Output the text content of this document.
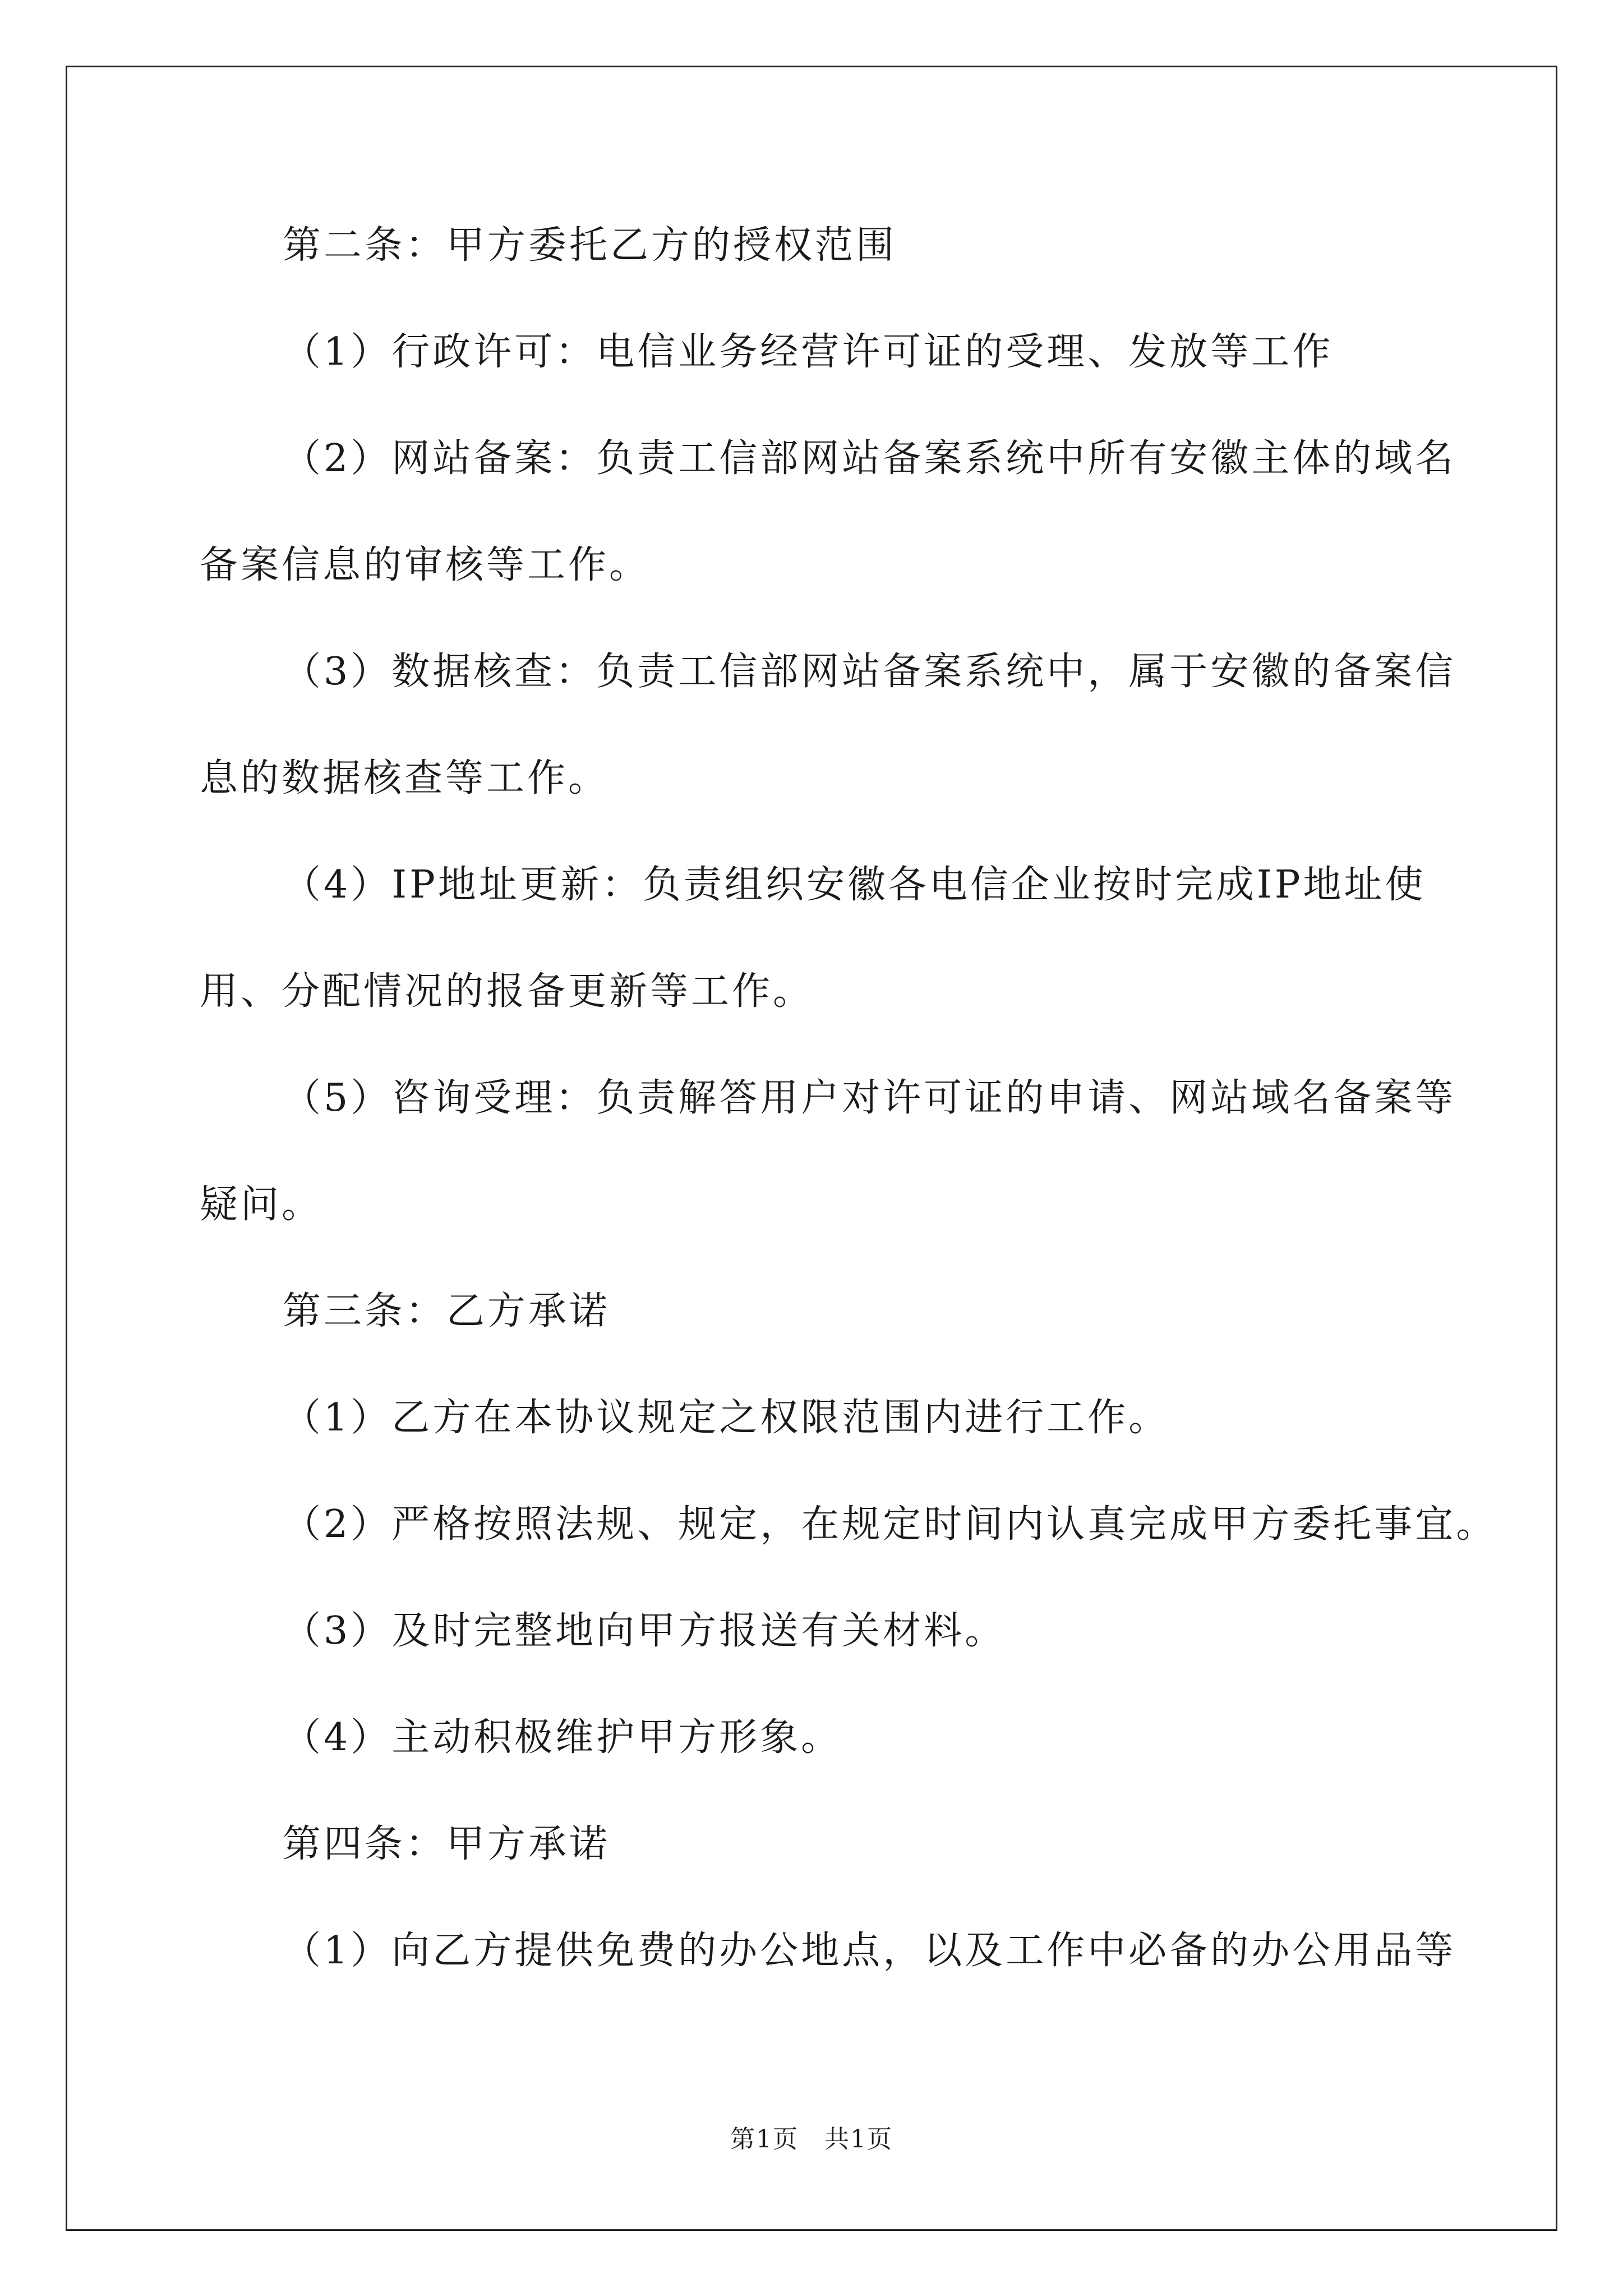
第二条：甲方委托乙方的授权范围
（1）行政许可：电信业务经营许可证的受理、发放等工作
（2）网站备案：负责工信部网站备案系统中所有安徽主体的域名
备案信息的审核等工作。
（3）数据核查：负责工信部网站备案系统中，属于安徽的备案信
息的数据核查等工作。
（4）IP地址更新：负责组织安徽各电信企业按时完成IP地址使
用、分配情况的报备更新等工作。
（5）咨询受理：负责解答用户对许可证的申请、网站域名备案等
疑问。
第三条：乙方承诺
（1）乙方在本协议规定之权限范围内进行工作。
（2）严格按照法规、规定，在规定时间内认真完成甲方委托事宜。
（3）及时完整地向甲方报送有关材料。
（4）主动积极维护甲方形象。
第四条：甲方承诺
（1）向乙方提供免费的办公地点，以及工作中必备的办公用品等
第1页　共1页
